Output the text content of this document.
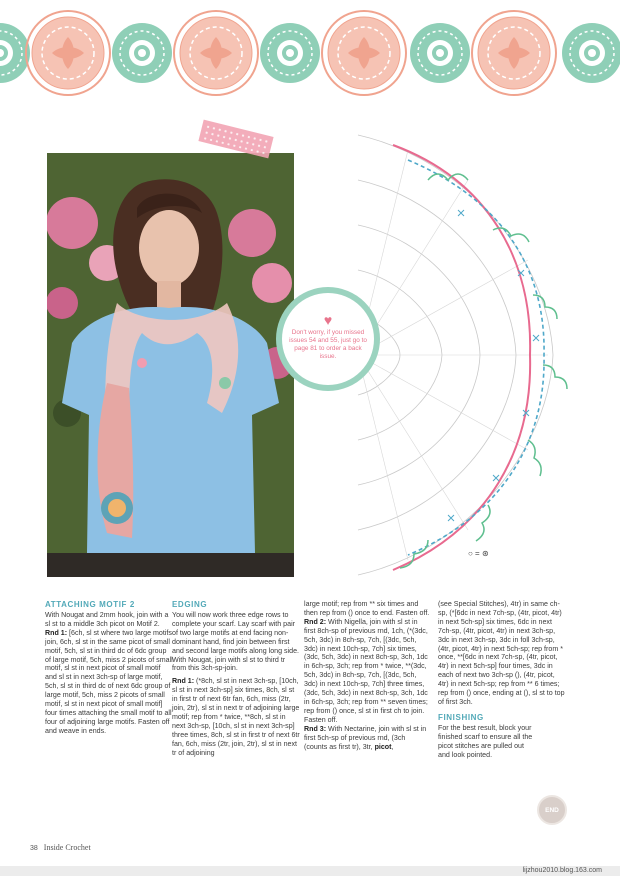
○ = ⊛
♥
Don't worry, if you missed issues 54 and 55, just go to page 81 to order a back issue.
ATTACHING MOTIF 2

With Nougat and 2mm hook, join with a sl st to a middle 3ch picot on Motif 2.

Rnd 1: [6ch, sl st where two large motifs join, 6ch, sl st in the same picot of small motif, 5ch, sl st in third dc of 6dc group of large motif, 5ch, miss 2 picots of small motif, sl st in next picot of small motif and sl st in next 3ch-sp of large motif, 5ch, sl st in third dc of next 6dc group of large motif, 5ch, miss 2 picots of small motif, sl st in next picot of small motif] four times attaching the small motif to all four of adjoining large motifs. Fasten off and weave in ends.

EDGING

You will now work three edge rows to complete your scarf. Lay scarf with pair of two large motifs at end facing non-dominant hand, find join between first and second large motifs along long side. With Nougat, join with sl st to third tr from this 3ch-sp-join.

Rnd 1: (*8ch, sl st in next 3ch-sp, [10ch, sl st in next 3ch-sp] six times, 8ch, sl st in first tr of next 6tr fan, 6ch, miss (2tr, join, 2tr), sl st in next tr of adjoining large motif; rep from * twice, **8ch, sl st in next 3ch-sp, [10ch, sl st in next 3ch-sp] three times, 8ch, sl st in first tr of next 6tr fan, 6ch, miss (2tr, join, 2tr), sl st in next tr of adjoining

large motif; rep from ** six times and then rep from () once to end. Fasten off.

Rnd 2: With Nigella, join with sl st in first 8ch-sp of previous rnd, 1ch, (*(3dc, 5ch, 3dc) in 8ch-sp, 7ch, [(3dc, 5ch, 3dc) in next 10ch-sp, 7ch] six times, (3dc, 5ch, 3dc) in next 8ch-sp, 3ch, 1dc in 6ch-sp, 3ch; rep from * twice, **(3dc, 5ch, 3dc) in 8ch-sp, 7ch, [(3dc, 5ch, 3dc) in next 10ch-sp, 7ch] three times, (3dc, 5ch, 3dc) in next 8ch-sp, 3ch, 1dc in 6ch-sp, 3ch; rep from ** seven times; rep from () once, sl st in first ch to join. Fasten off.

Rnd 3: With Nectarine, join with sl st in first 5ch-sp of previous rnd, (3ch (counts as first tr), 3tr, picot,

(see Special Stitches), 4tr) in same ch-sp, (*[6dc in next 7ch-sp, (4tr, picot, 4tr) in next 5ch-sp] six times, 6dc in next 7ch-sp, (4tr, picot, 4tr) in next 3ch-sp, 3dc in next 3ch-sp, 3dc in foll 3ch-sp, (4tr, picot, 4tr) in next 5ch-sp; rep from * once, **[6dc in next 7ch-sp, (4tr, picot, 4tr) in next 5ch-sp] four times, 3dc in each of next two 3ch-sp (), (4tr, picot, 4tr) in next 5ch-sp; rep from ** 6 times; rep from () once, ending at (), sl st to top of first 3ch.

FINISHING

For the best result, block your finished scarf to ensure all the picot stitches are pulled out and look pointed.

END
38 Inside Crochet
lijzhou2010.blog.163.com
